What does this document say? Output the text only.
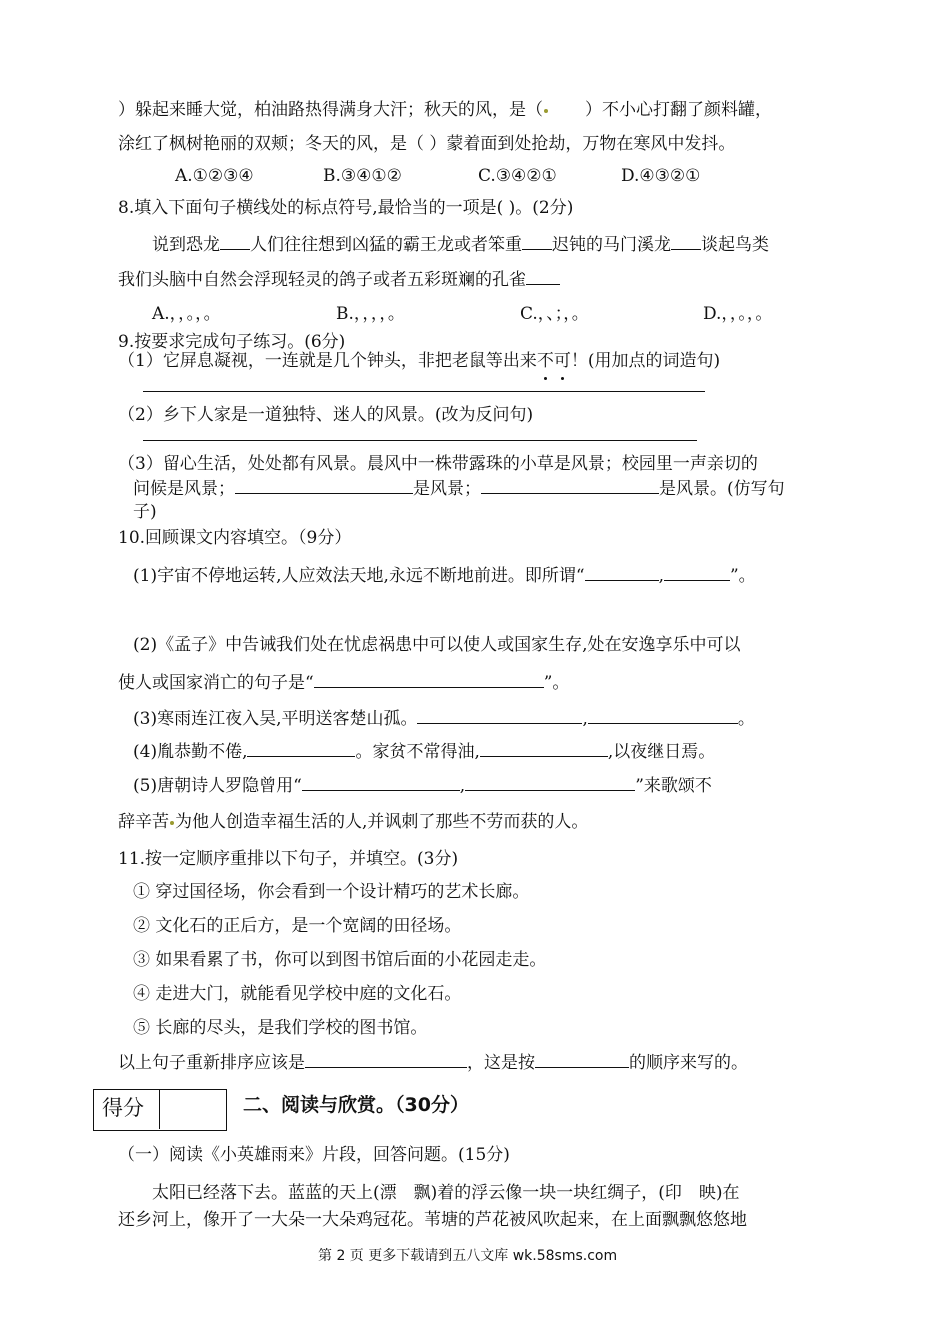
）躲起来睡大觉，柏油路热得满身大汗；秋天的风，是（ ）不小心打翻了颜料罐，
涂红了枫树艳丽的双颊；冬天的风，是（ ）蒙着面到处抢劫，万物在寒风中发抖。
A.①②③④	B.③④①②	C.③④②①	D.④③②①
8.填入下面句子横线处的标点符号,最恰当的一项是( )。(2分)
说到恐龙 人们往往想到凶猛的霸王龙或者笨重 迟钝的马门溪龙 谈起鸟类
我们头脑中自然会浮现轻灵的鸽子或者五彩斑斓的孔雀
A.，，。，。	B.，，，，。	C.，、；，。	D.，，。，。
9.按要求完成句子练习。(6分)
（1）它屏息凝视，一连就是几个钟头，非把老鼠等出来不可！(用加点的词造句)
（2）乡下人家是一道独特、迷人的风景。(改为反问句)
（3）留心生活，处处都有风景。晨风中一株带露珠的小草是风景；校园里一声亲切的
问候是风景；	是风景；	是风景。(仿写句
子)
10.回顾课文内容填空。（9分）
(1)宇宙不停地运转,人应效法天地,永远不断地前进。即所谓“	,	”。
(2)《孟子》中告诫我们处在忧虑祸患中可以使人或国家生存,处在安逸享乐中可以
使人或国家消亡的句子是“	”。
(3)寒雨连江夜入吴,平明送客楚山孤。	,	。
(4)胤恭勤不倦,	。家贫不常得油,	,以夜继日焉。
(5)唐朝诗人罗隐曾用“	,	”来歌颂不
辞辛苦 为他人创造幸福生活的人,并讽刺了那些不劳而获的人。
11.按一定顺序重排以下句子，并填空。(3分)
① 穿过国径场，你会看到一个设计精巧的艺术长廊。
② 文化石的正后方，是一个宽阔的田径场。
③ 如果看累了书，你可以到图书馆后面的小花园走走。
④ 走进大门，就能看见学校中庭的文化石。
⑤ 长廊的尽头，是我们学校的图书馆。
以上句子重新排序应该是	，这是按	的顺序来写的。
得分	二、阅读与欣赏。（30分）
（一）阅读《小英雄雨来》片段，回答问题。(15分)
太阳已经落下去。蓝蓝的天上(漂　飘)着的浮云像一块一块红绸子，(印　映)在
还乡河上，像开了一大朵一大朵鸡冠花。苇塘的芦花被风吹起来，在上面飘飘悠悠地
第 2 页 更多下载请到五八文库 wk.58sms.com
